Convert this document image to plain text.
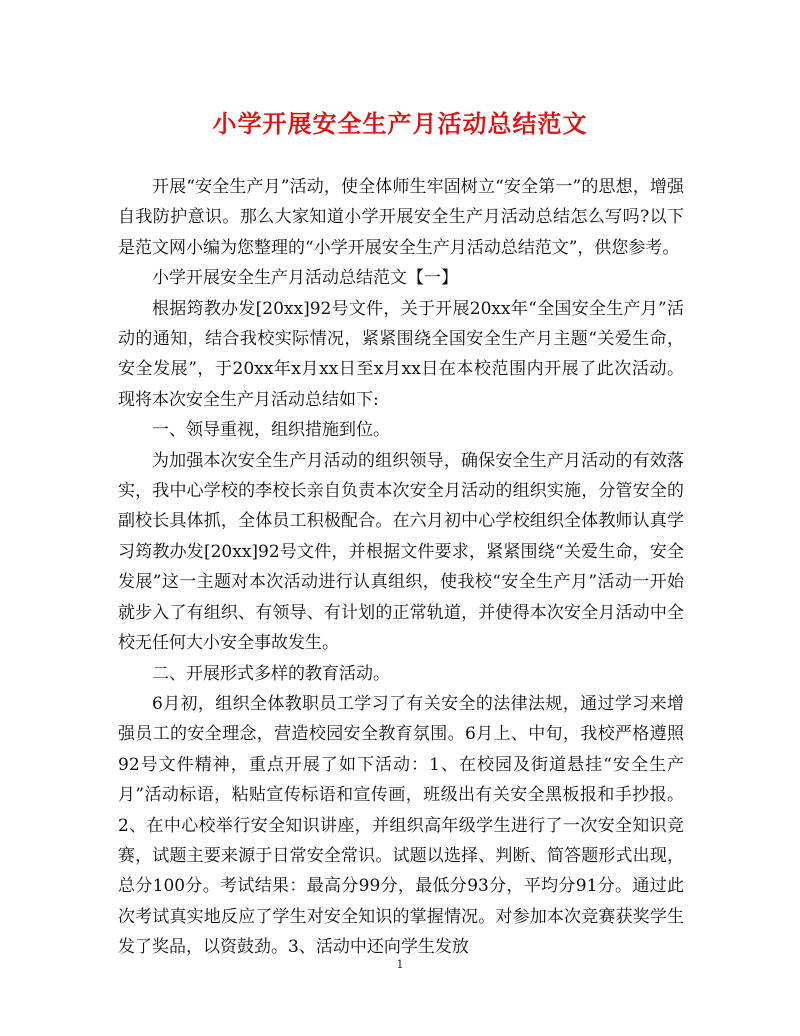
小学开展安全生产月活动总结范文

开展“安全生产月”活动，使全体师生牢固树立“安全第一”的思想，增强自我防护意识。那么大家知道小学开展安全生产月活动总结怎么写吗?以下是范文网小编为您整理的“小学开展安全生产月活动总结范文”，供您参考。

小学开展安全生产月活动总结范文【一】

根据筠教办发[20xx]92号文件，关于开展20xx年“全国安全生产月”活动的通知，结合我校实际情况，紧紧围绕全国安全生产月主题“关爱生命，安全发展”，于20xx年x月xx日至x月xx日在本校范围内开展了此次活动。现将本次安全生产月活动总结如下:

一、领导重视，组织措施到位。

为加强本次安全生产月活动的组织领导，确保安全生产月活动的有效落实，我中心学校的李校长亲自负责本次安全月活动的组织实施，分管安全的副校长具体抓，全体员工积极配合。在六月初中心学校组织全体教师认真学习筠教办发[20xx]92号文件，并根据文件要求，紧紧围绕“关爱生命，安全发展”这一主题对本次活动进行认真组织，使我校“安全生产月”活动一开始就步入了有组织、有领导、有计划的正常轨道，并使得本次安全月活动中全校无任何大小安全事故发生。

二、开展形式多样的教育活动。

6月初，组织全体教职员工学习了有关安全的法律法规，通过学习来增强员工的安全理念，营造校园安全教育氛围。6月上、中旬，我校严格遵照92号文件精神，重点开展了如下活动：1、在校园及街道悬挂“安全生产月”活动标语，粘贴宣传标语和宣传画，班级出有关安全黑板报和手抄报。2、在中心校举行安全知识讲座，并组织高年级学生进行了一次安全知识竞赛，试题主要来源于日常安全常识。试题以选择、判断、简答题形式出现，总分100分。考试结果：最高分99分，最低分93分，平均分91分。通过此次考试真实地反应了学生对安全知识的掌握情况。对参加本次竞赛获奖学生发了奖品，以资鼓劲。3、活动中还向学生发放

1
